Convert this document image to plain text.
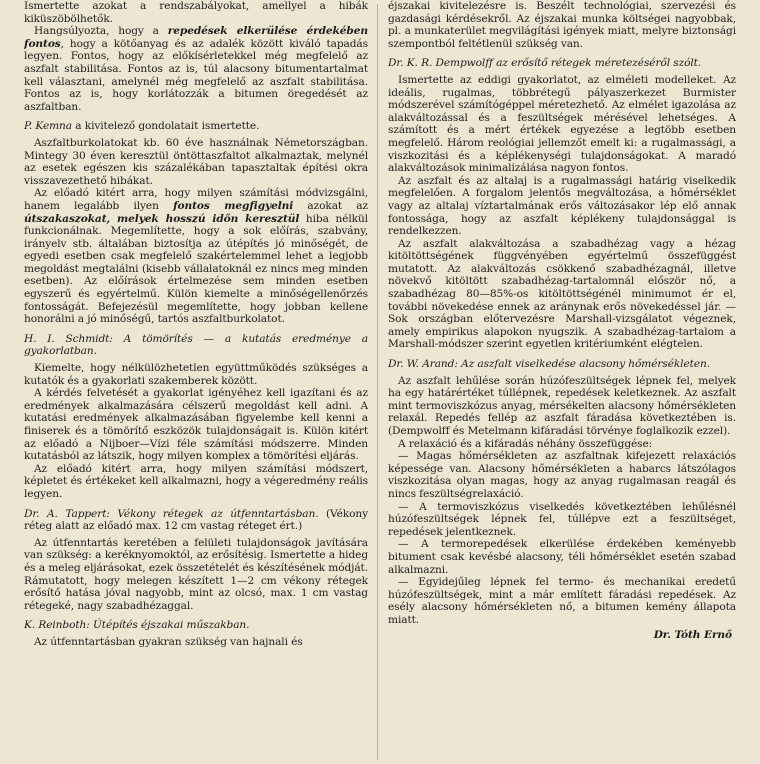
Ismertette azokat a rendszabályokat, amellyel a hibák kiküszöbölhetők.

Hangsúlyozta, hogy a repedések elkerülése érdekében fontos, hogy a kötőanyag és az adalék között kiváló tapadás legyen. Fontos, hogy az előkísérletekkel még megfelelő az aszfalt stabilitása. Fontos az is, túl alacsony bitumentartalmat kell választani, amelynél még megfelelő az aszfalt stabilitása. Fontos az is, hogy korlátozzák a bitumen öregedését az aszfaltban.

P. Kemna a kivitelező gondolatait ismertette.

Aszfaltburkolatokat kb. 60 éve használnak Németországban. Mintegy 30 éven keresztül öntöttaszfaltot alkalmaztak, melynél az esetek egészen kis százalékában tapasztaltak építési okra visszavezethető hibákat.

Az előadó kitért arra, hogy milyen számítási módvizsgálni, hanem legalább ilyen fontos megfigyelni azokat az útszakaszokat, melyek hosszú időn keresztül hiba nélkül funkcionálnak. Megemlítette, hogy a sok előírás, szabvány, irányelv stb. általában biztosítja az útépítés jó minőségét, de egyedi esetben csak megfelelő szakértelemmel lehet a legjobb megoldást megtalálni (kisebb vállalatoknál ez nincs meg minden esetben). Az előírások értelmezése sem minden esetben egyszerű és egyértelmű. Külön kiemelte a minőségellenőrzés fontosságát. Befejezésül megemlítette, hogy jobban kellene honorálni a jó minőségű, tartós aszfaltburkolatot.

H. I. Schmidt: A tömörítés — a kutatás eredménye a gyakorlatban.

Kiemelte, hogy nélkülözhetetlen együttműködés szükséges a kutatók és a gyakorlati szakemberek között.

A kérdés felvetését a gyakorlat igényéhez kell igazítani és az eredmények alkalmazására célszerű megoldást kell adni. A kutatási eredmények alkalmazásában figyelembe kell kenni a finiserek és a tömörítő eszközök tulajdonságait is. Külön kitért az előadó a Nijboer—Vízi féle számítási módszerre. Minden kutatásból az látszik, hogy milyen komplex a tömörítési eljárás.

Az előadó kitért arra, hogy milyen számítási módszert, képletet és értékeket kell alkalmazni, hogy a végeredmény reális legyen.

Dr. A. Tappert: Vékony rétegek az útfenntartásban. (Vékony réteg alatt az előadó max. 12 cm vastag réteget ért.)

Az útfenntartás keretében a felületi tulajdonságok javítására van szükség: a keréknyomoktól, az erősítésig. Ismertette a hideg és a meleg eljárásokat, ezek összetételét és készítésének módját. Rámutatott, hogy melegen készített 1—2 cm vékony rétegek erősítő hatása jóval nagyobb, mint az olcsó, max. 1 cm vastag rétegeké, nagy szabadhézaggal.

K. Reinboth: Útépítés éjszakai műszakban.

Az útfenntartásban gyakran szükség van hajnali és

éjszakai kivitelezésre is. Beszélt technológiai, szervezési és gazdasági kérdésekről. Az éjszakai munka költségei nagyobbak, pl. a munkaterület megvilágítási igények miatt, melyre biztonsági szempontból feltétlenül szükség van.

Dr. K. R. Dempwolff az erősítő rétegek méretezéséről szólt.

Ismertette az eddigi gyakorlatot, az elméleti modelleket. Az ideális, rugalmas, többrétegű pályaszerkezet Burmister módszerével számítógéppel méretezhető. Az elmélet igazolása az alakváltozással és a feszültségek mérésével lehetséges. A számított és a mért értékek egyezése a legtöbb esetben megfelelő. Három reológiai jellemzőt emelt ki: a rugalmassági, a viszkozitási és a képlékenységi tulajdonságokat. A maradó alakváltozások minimalizálása nagyon fontos.

Az aszfalt és az altalaj is a rugalmassági határig viselkedik megfelelően. A forgalom jelentős megváltozása, a hőmérséklet vagy az altalaj víztartalmának erős változásakor lép elő annak fontossága, hogy az aszfalt képlékeny tulajdonsággal is rendelkezzen.

Az aszfalt alakváltozása a szabadhézag vagy a hézag kitöltöttségének függvényében egyértelmű összefüggést mutatott. Az alakváltozás csökkenő szabadhézagnál, illetve növekvő kitöltött szabadhézag-tartalomnál először nő, a szabadhézag 80—85%-os kitöltöttségénél minimumot ér el, további növekedése ennek az aránynak erős növekedéssel jár. — Sok országban előtervezésre Marshall-vizsgálatot végeznek, amely empirikus alapokon nyugszik. A szabadhézag-tartalom a Marshall-módszer szerint egyetlen kritériumként elégtelen.

Dr. W. Arand: Az aszfalt viselkedése alacsony hőmérsékleten.

Az aszfalt lehűlése során húzófeszültségek lépnek fel, melyek ha egy határértéket túllépnek, repedések keletkeznek. Az aszfalt mint termoviszkózus anyag, mérsékelten alacsony hőmérsékleten relaxál. Repedés fellép az aszfalt fáradása következtében is. (Dempwolff és Metelmann kifáradási törvénye foglalkozik ezzel).

A relaxáció és a kifáradás néhány összefüggése:

— Magas hőmérsékleten az aszfaltnak kifejezett relaxációs képessége van. Alacsony hőmérsékleten a habarcs látszólagos viszkozitása olyan magas, hogy az anyag rugalmasan reagál és nincs feszültségrelaxáció.

— A termoviszkózus viselkedés következtében lehűlésnél húzófeszültségek lépnek fel, túllépve ezt a feszültséget, repedések jelentkeznek.

— A termorepedések elkerülése érdekében keményebb bitument csak kevésbé alacsony, téli hőmérséklet esetén szabad alkalmazni.

— Egyidejűleg lépnek fel termo- és mechanikai eredetű húzófeszültségek, mint a már említett fáradási repedések. Az esély alacsony hőmérsékleten nő, a bitumen kemény állapota miatt.

Dr. Tóth Ernő
